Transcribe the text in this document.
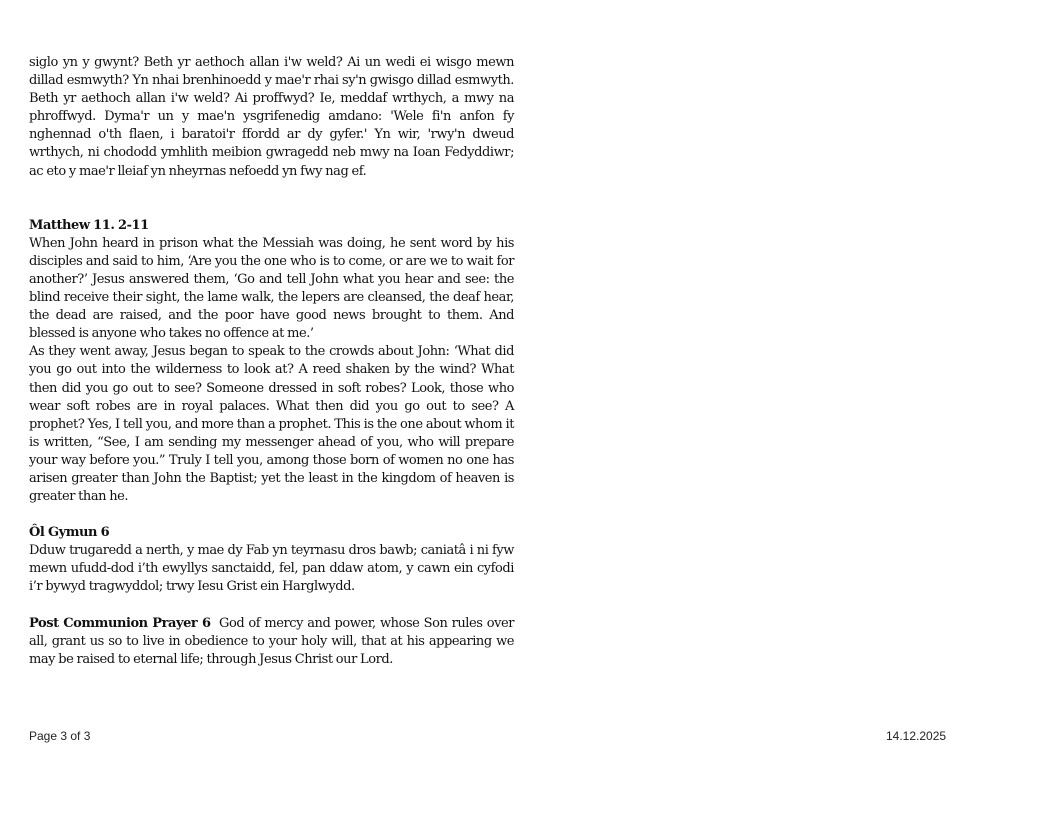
siglo yn y gwynt? Beth yr aethoch allan i'w weld? Ai un wedi ei wisgo mewn dillad esmwyth? Yn nhai brenhinoedd y mae'r rhai sy'n gwisgo dillad esmwyth. Beth yr aethoch allan i'w weld? Ai proffwyd? Ie, meddaf wrthych, a mwy na phroffwyd. Dyma'r un y mae'n ysgrifenedig amdano: 'Wele fi'n anfon fy nghennad o'th flaen, i baratoi'r ffordd ar dy gyfer.' Yn wir, 'rwy'n dweud wrthych, ni chododd ymhlith meibion gwragedd neb mwy na Ioan Fedyddiwr; ac eto y mae'r lleiaf yn nheyrnas nefoedd yn fwy nag ef.

Matthew 11. 2-11

When John heard in prison what the Messiah was doing, he sent word by his disciples and said to him, ‘Are you the one who is to come, or are we to wait for another?’ Jesus answered them, ‘Go and tell John what you hear and see: the blind receive their sight, the lame walk, the lepers are cleansed, the deaf hear, the dead are raised, and the poor have good news brought to them. And blessed is anyone who takes no offence at me.’

As they went away, Jesus began to speak to the crowds about John: ‘What did you go out into the wilderness to look at? A reed shaken by the wind? What then did you go out to see? Someone dressed in soft robes? Look, those who wear soft robes are in royal palaces. What then did you go out to see? A prophet? Yes, I tell you, and more than a prophet. This is the one about whom it is written, “See, I am sending my messenger ahead of you, who will prepare your way before you.” Truly I tell you, among those born of women no one has arisen greater than John the Baptist; yet the least in the kingdom of heaven is greater than he.

Ôl Gymun 6

Dduw trugaredd a nerth, y mae dy Fab yn teyrnasu dros bawb; caniatâ i ni fyw mewn ufudd-dod i’th ewyllys sanctaidd, fel, pan ddaw atom, y cawn ein cyfodi i’r bywyd tragwyddol; trwy Iesu Grist ein Harglwydd.

Post Communion Prayer 6 God of mercy and power, whose Son rules over all, grant us so to live in obedience to your holy will, that at his appearing we may be raised to eternal life; through Jesus Christ our Lord.

Page 3 of 3	14.12.2025
